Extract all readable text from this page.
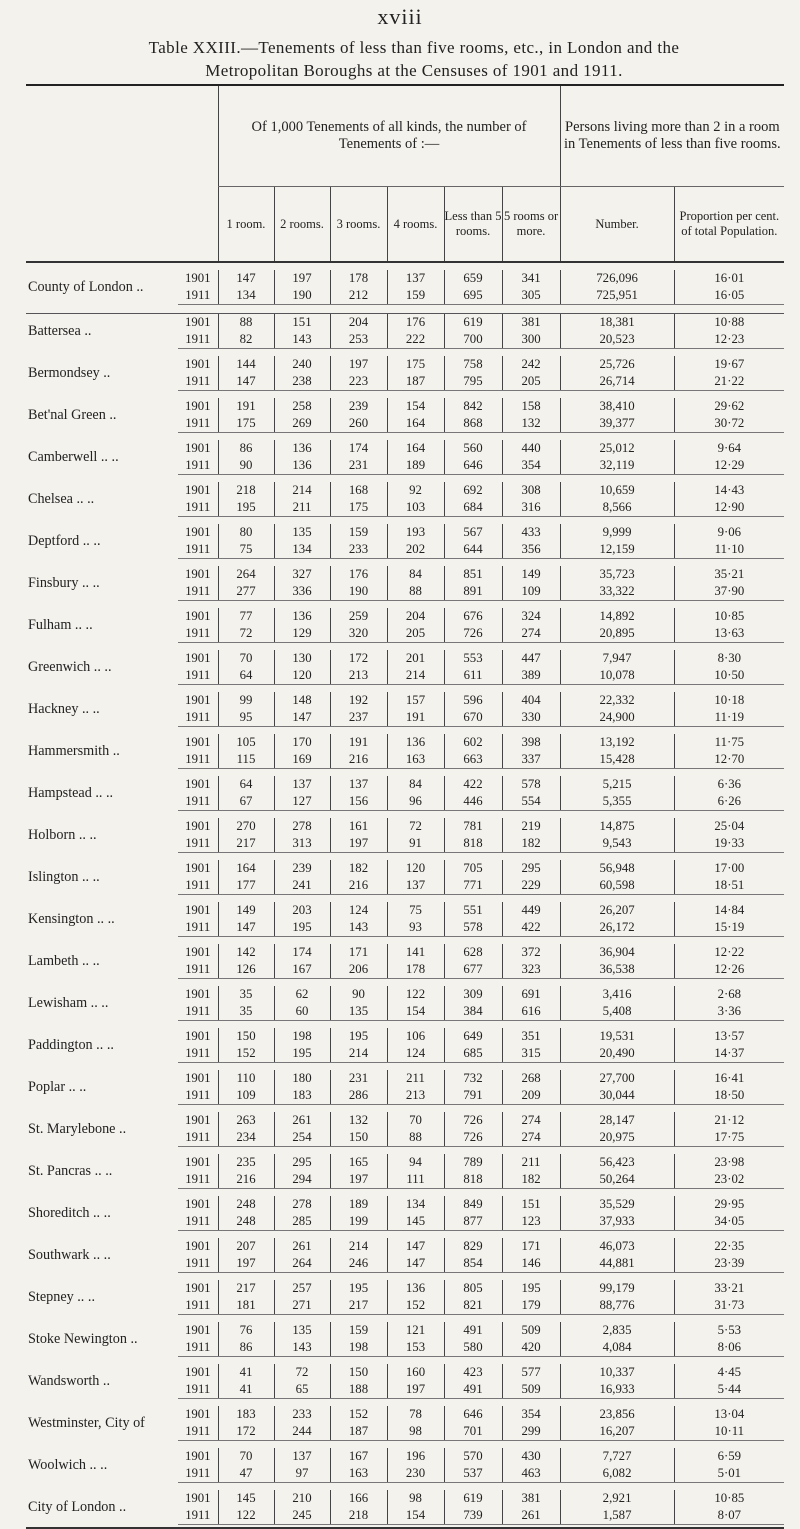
xviii
Table XXIII.—Tenements of less than five rooms, etc., in London and the
Metropolitan Boroughs at the Censuses of 1901 and 1911.
		Of 1,000 Tenements of all kinds, the number of Tenements of :—						Persons living more than 2 in a room in Tenements of less than five rooms.	
		1 room.	2 rooms.	3 rooms.	4 rooms.	Less than 5 rooms.	5 rooms or more.	Number.	Proportion per cent. of total Population.

County of London ..	1901	147	197	178	137	659	341	726,096	16·01
	1911	134	190	212	159	695	305	725,951	16·05

Battersea ..	1901	88	151	204	176	619	381	18,381	10·88
	1911	82	143	253	222	700	300	20,523	12·23

Bermondsey ..	1901	144	240	197	175	758	242	25,726	19·67
	1911	147	238	223	187	795	205	26,714	21·22

Bet'nal Green ..	1901	191	258	239	154	842	158	38,410	29·62
	1911	175	269	260	164	868	132	39,377	30·72

Camberwell .. ..	1901	86	136	174	164	560	440	25,012	9·64
	1911	90	136	231	189	646	354	32,119	12·29

Chelsea .. ..	1901	218	214	168	92	692	308	10,659	14·43
	1911	195	211	175	103	684	316	8,566	12·90

Deptford .. ..	1901	80	135	159	193	567	433	9,999	9·06
	1911	75	134	233	202	644	356	12,159	11·10

Finsbury .. ..	1901	264	327	176	84	851	149	35,723	35·21
	1911	277	336	190	88	891	109	33,322	37·90

Fulham .. ..	1901	77	136	259	204	676	324	14,892	10·85
	1911	72	129	320	205	726	274	20,895	13·63

Greenwich .. ..	1901	70	130	172	201	553	447	7,947	8·30
	1911	64	120	213	214	611	389	10,078	10·50

Hackney .. ..	1901	99	148	192	157	596	404	22,332	10·18
	1911	95	147	237	191	670	330	24,900	11·19

Hammersmith ..	1901	105	170	191	136	602	398	13,192	11·75
	1911	115	169	216	163	663	337	15,428	12·70

Hampstead .. ..	1901	64	137	137	84	422	578	5,215	6·36
	1911	67	127	156	96	446	554	5,355	6·26

Holborn .. ..	1901	270	278	161	72	781	219	14,875	25·04
	1911	217	313	197	91	818	182	9,543	19·33

Islington .. ..	1901	164	239	182	120	705	295	56,948	17·00
	1911	177	241	216	137	771	229	60,598	18·51

Kensington .. ..	1901	149	203	124	75	551	449	26,207	14·84
	1911	147	195	143	93	578	422	26,172	15·19

Lambeth .. ..	1901	142	174	171	141	628	372	36,904	12·22
	1911	126	167	206	178	677	323	36,538	12·26

Lewisham .. ..	1901	35	62	90	122	309	691	3,416	2·68
	1911	35	60	135	154	384	616	5,408	3·36

Paddington .. ..	1901	150	198	195	106	649	351	19,531	13·57
	1911	152	195	214	124	685	315	20,490	14·37

Poplar .. ..	1901	110	180	231	211	732	268	27,700	16·41
	1911	109	183	286	213	791	209	30,044	18·50

St. Marylebone ..	1901	263	261	132	70	726	274	28,147	21·12
	1911	234	254	150	88	726	274	20,975	17·75

St. Pancras .. ..	1901	235	295	165	94	789	211	56,423	23·98
	1911	216	294	197	111	818	182	50,264	23·02

Shoreditch .. ..	1901	248	278	189	134	849	151	35,529	29·95
	1911	248	285	199	145	877	123	37,933	34·05

Southwark .. ..	1901	207	261	214	147	829	171	46,073	22·35
	1911	197	264	246	147	854	146	44,881	23·39

Stepney .. ..	1901	217	257	195	136	805	195	99,179	33·21
	1911	181	271	217	152	821	179	88,776	31·73

Stoke Newington ..	1901	76	135	159	121	491	509	2,835	5·53
	1911	86	143	198	153	580	420	4,084	8·06

Wandsworth ..	1901	41	72	150	160	423	577	10,337	4·45
	1911	41	65	188	197	491	509	16,933	5·44

Westminster, City of	1901	183	233	152	78	646	354	23,856	13·04
	1911	172	244	187	98	701	299	16,207	10·11

Woolwich .. ..	1901	70	137	167	196	570	430	7,727	6·59
	1911	47	97	163	230	537	463	6,082	5·01

City of London ..	1901	145	210	166	98	619	381	2,921	10·85
	1911	122	245	218	154	739	261	1,587	8·07
